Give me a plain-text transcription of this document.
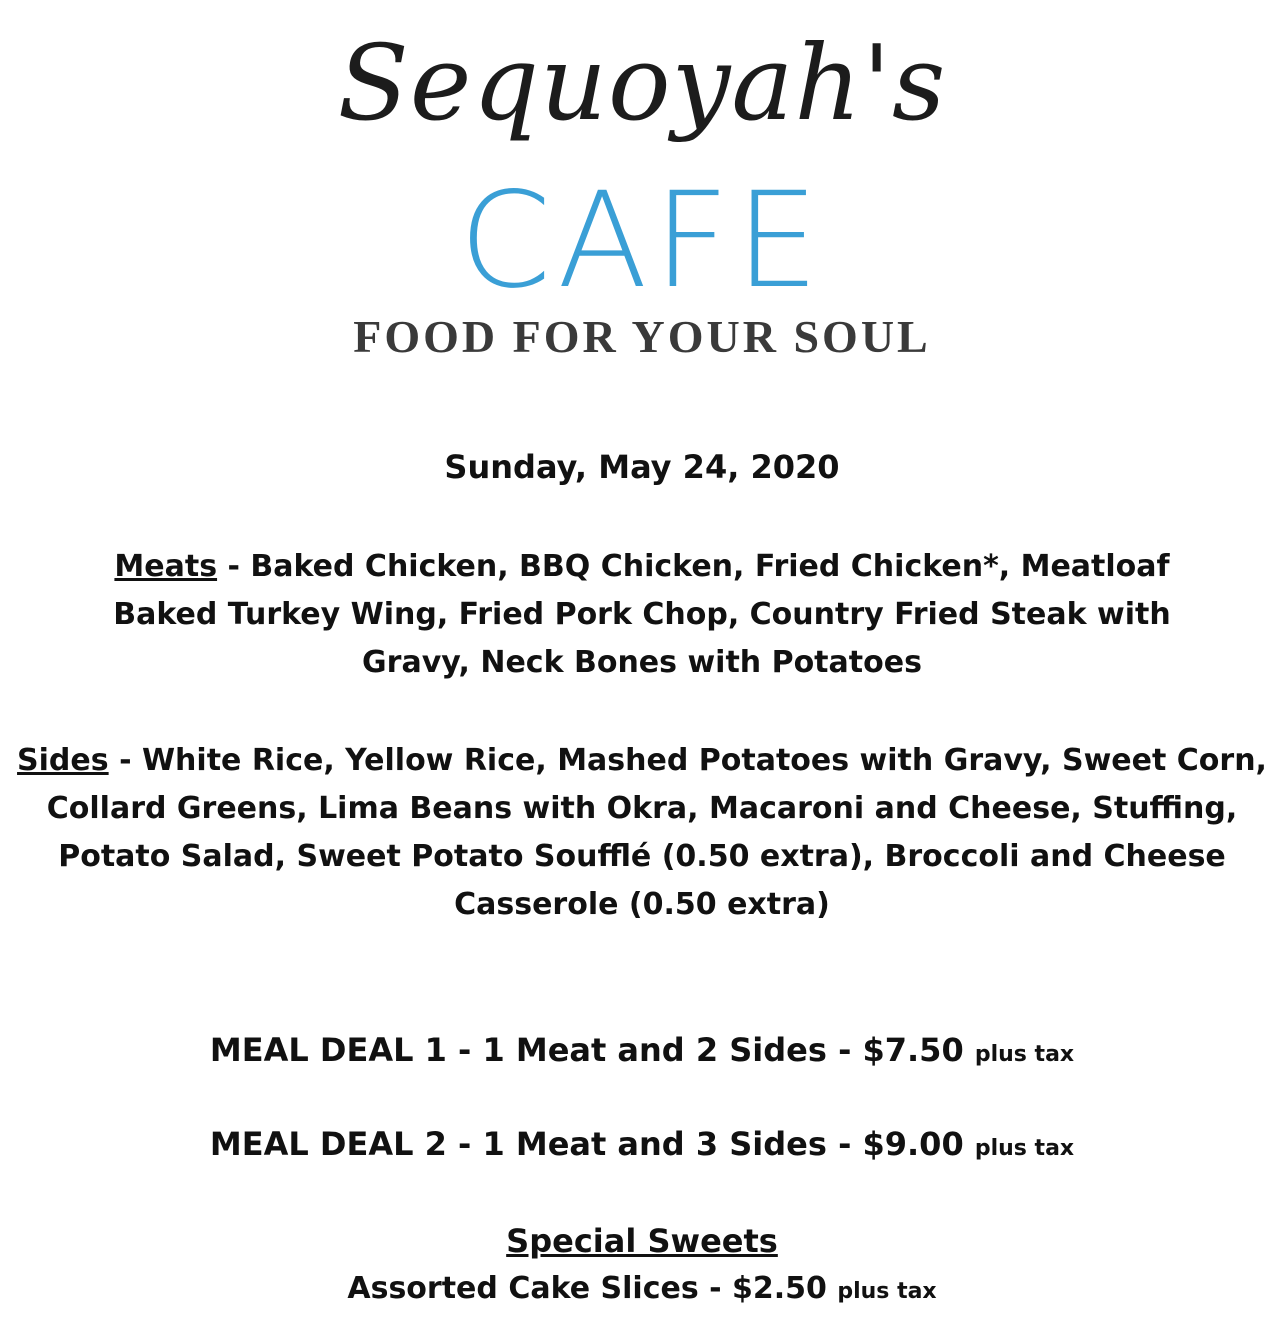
Sequoyah's
CAFE
FOOD FOR YOUR SOUL
Sunday, May 24, 2020

Meats - Baked Chicken, BBQ Chicken, Fried Chicken*, Meatloaf

Baked Turkey Wing, Fried Pork Chop, Country Fried Steak with

Gravy, Neck Bones with Potatoes

Sides - White Rice, Yellow Rice, Mashed Potatoes with Gravy, Sweet Corn,

Collard Greens, Lima Beans with Okra, Macaroni and Cheese, Stuffing,

Potato Salad, Sweet Potato Soufflé (0.50 extra), Broccoli and Cheese

Casserole (0.50 extra)

MEAL DEAL 1 - 1 Meat and 2 Sides - $7.50 plus tax
MEAL DEAL 2 - 1 Meat and 3 Sides - $9.00 plus tax
Special Sweets
Assorted Cake Slices - $2.50 plus tax
